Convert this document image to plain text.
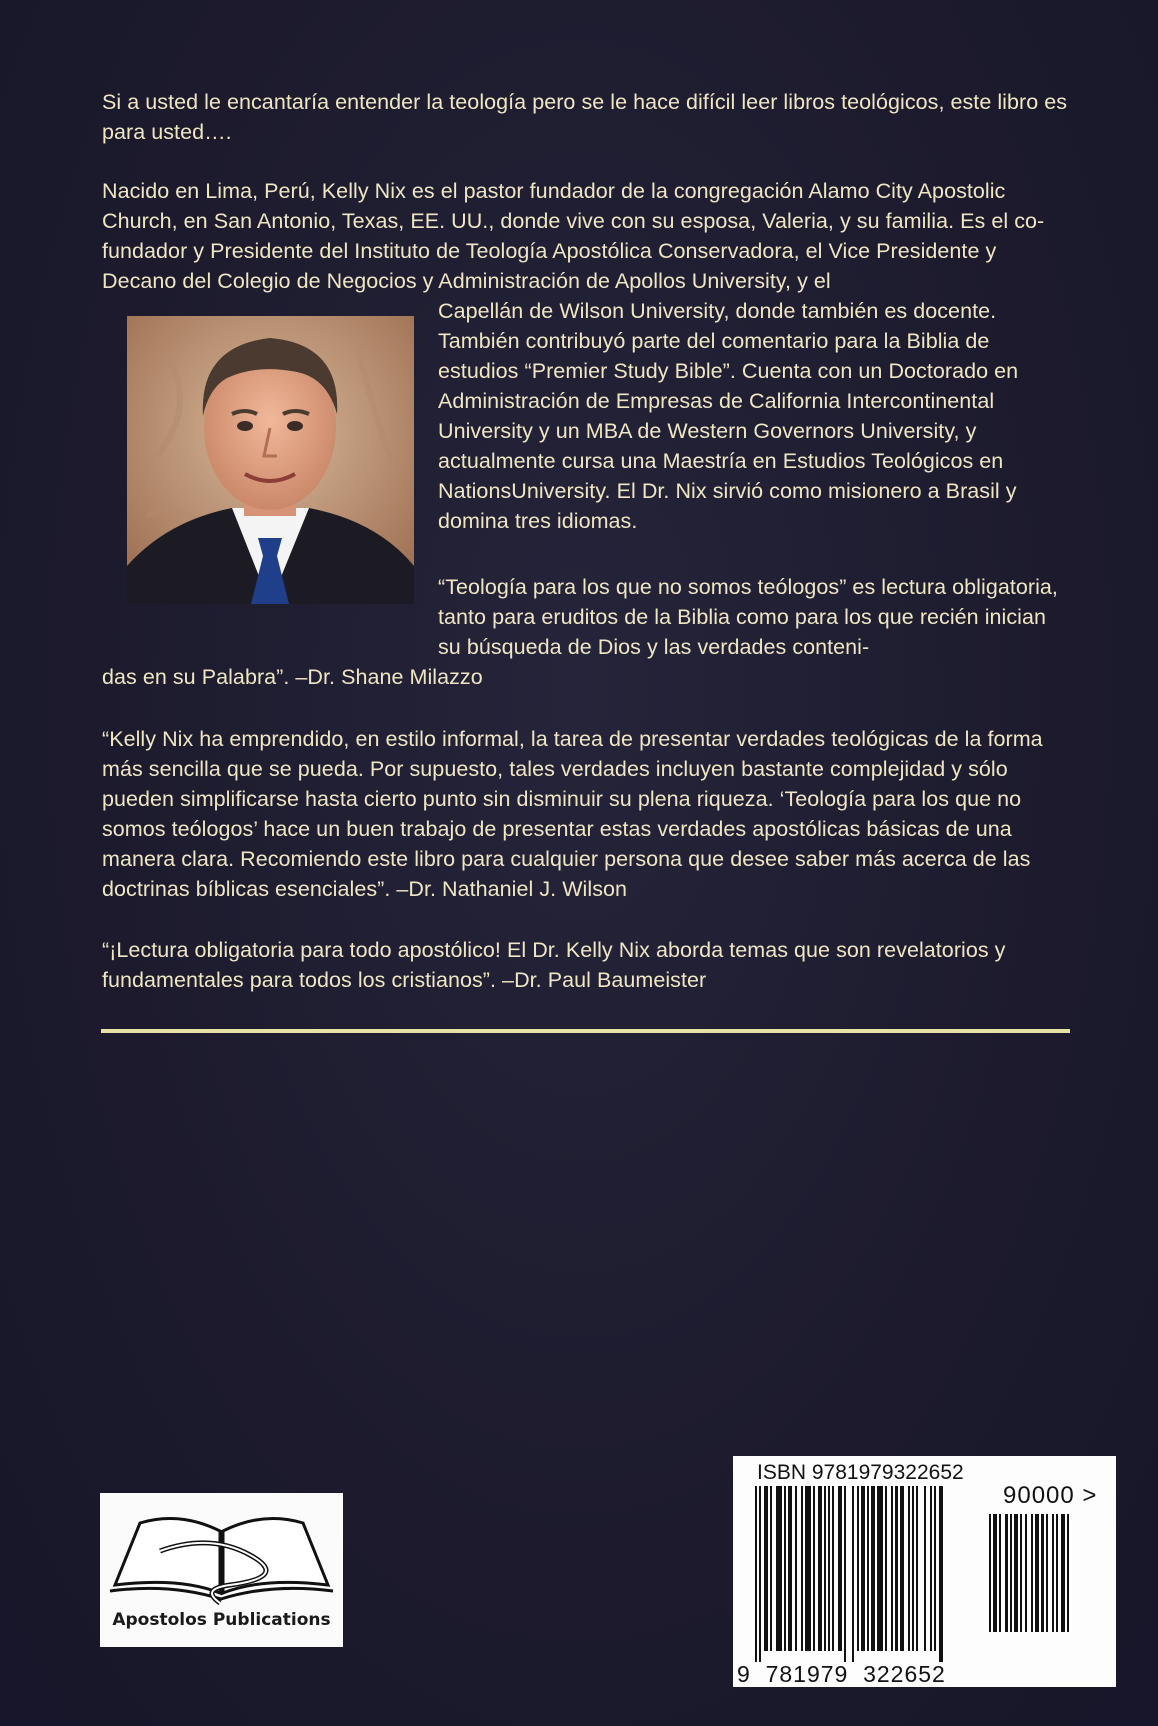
Si a usted le encantaría entender la teología pero se le hace difícil leer libros teológicos, este libro es para usted….

Nacido en Lima, Perú, Kelly Nix es el pastor fundador de la congregación Alamo City Apostolic Church, en San Antonio, Texas, EE. UU., donde vive con su esposa, Valeria, y su familia. Es el co-fundador y Presidente del Instituto de Teología Apostólica Conservadora, el Vice Presidente y Decano del Colegio de Negocios y Administración de Apollos University, y el

Capellán de Wilson University, donde también es docente. También contribuyó parte del comentario para la Biblia de estudios “Premier Study Bible”. Cuenta con un Doctorado en Administración de Empresas de California Intercontinental University y un MBA de Western Governors University, y actualmente cursa una Maestría en Estudios Teológicos en NationsUniversity. El Dr. Nix sirvió como misionero a Brasil y domina tres idiomas.

“Teología para los que no somos teólogos” es lectura obligatoria, tanto para eruditos de la Biblia como para los que recién inician su búsqueda de Dios y las verdades conteni-

das en su Palabra”. –Dr. Shane Milazzo

“Kelly Nix ha emprendido, en estilo informal, la tarea de presentar verdades teológicas de la forma más sencilla que se pueda. Por supuesto, tales verdades incluyen bastante complejidad y sólo pueden simplificarse hasta cierto punto sin disminuir su plena riqueza. ‘Teología para los que no somos teólogos’ hace un buen trabajo de presentar estas verdades apostólicas básicas de una manera clara. Recomiendo este libro para cualquier persona que desee saber más acerca de las doctrinas bíblicas esenciales”. –Dr. Nathaniel J. Wilson

“¡Lectura obligatoria para todo apostólico! El Dr. Kelly Nix aborda temas que son revelatorios y fundamentales para todos los cristianos”. –Dr. Paul Baumeister

Apostolos Publications
ISBN 9781979322652
90000 >
9  781979  322652
